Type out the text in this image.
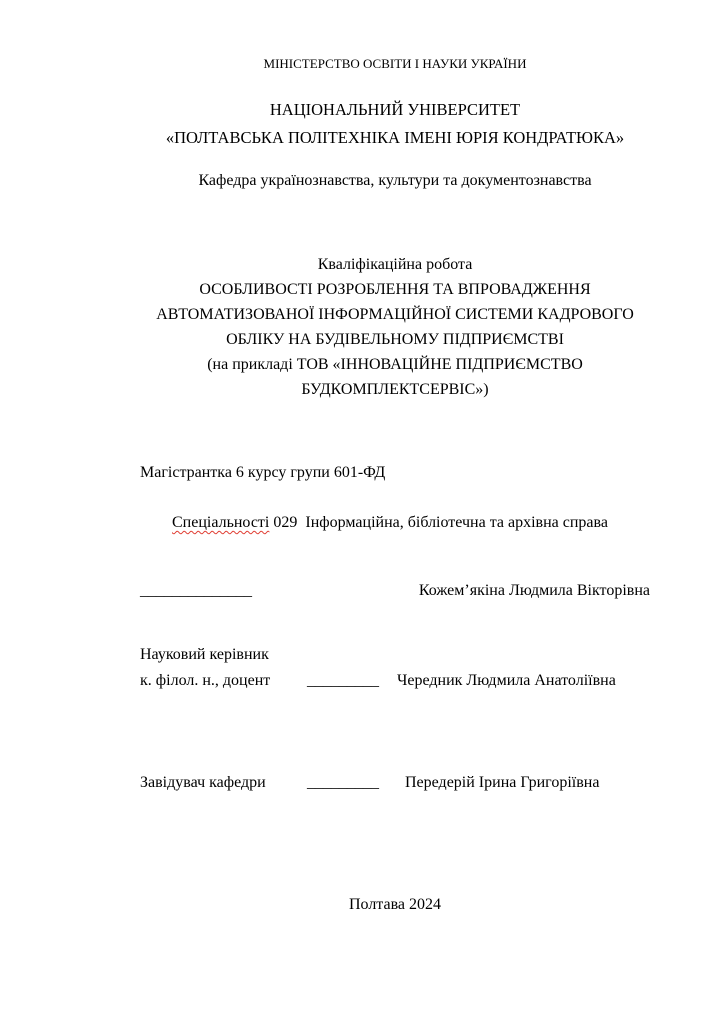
МІНІСТЕРСТВО ОСВІТИ І НАУКИ УКРАЇНИ
НАЦІОНАЛЬНИЙ УНІВЕРСИТЕТ
«ПОЛТАВСЬКА ПОЛІТЕХНІКА ІМЕНІ ЮРІЯ КОНДРАТЮКА»
Кафедра українознавства, культури та документознавства
Кваліфікаційна робота
ОСОБЛИВОСТІ РОЗРОБЛЕННЯ ТА ВПРОВАДЖЕННЯ
АВТОМАТИЗОВАНОЇ ІНФОРМАЦІЙНОЇ СИСТЕМИ КАДРОВОГО
ОБЛІКУ НА БУДІВЕЛЬНОМУ ПІДПРИЄМСТВІ
(на прикладі ТОВ «ІННОВАЦІЙНЕ ПІДПРИЄМСТВО
БУДКОМПЛЕКТСЕРВІС»)
Магістрантка 6 курсу групи 601-ФД

Спеціальності 029  Інформаційна, бібліотечна та архівна справа

______________	Кожем’якіна Людмила Вікторівна
Науковий керівник
к. філол. н., доцент	_________ Чередник Людмила Анатоліївна
Завідувач кафедри	_________ Передерій Ірина Григоріївна
Полтава 2024
